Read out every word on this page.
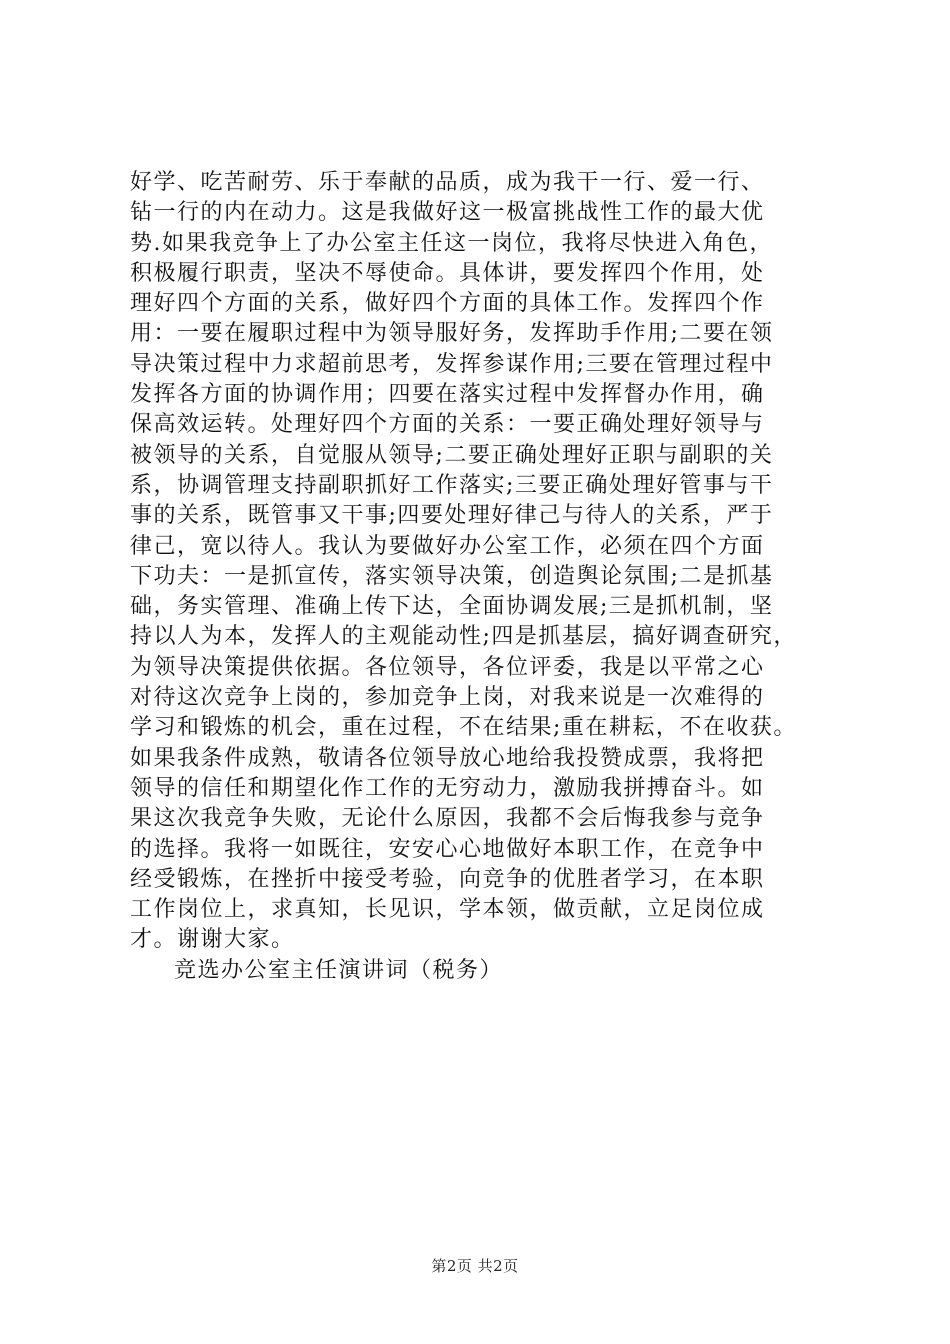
好学、吃苦耐劳、乐于奉献的品质，成为我干一行、爱一行、
钻一行的内在动力。这是我做好这一极富挑战性工作的最大优
势.如果我竞争上了办公室主任这一岗位，我将尽快进入角色，
积极履行职责，坚决不辱使命。具体讲，要发挥四个作用，处
理好四个方面的关系，做好四个方面的具体工作。发挥四个作
用：一要在履职过程中为领导服好务，发挥助手作用;二要在领
导决策过程中力求超前思考，发挥参谋作用;三要在管理过程中
发挥各方面的协调作用；四要在落实过程中发挥督办作用，确
保高效运转。处理好四个方面的关系：一要正确处理好领导与
被领导的关系，自觉服从领导;二要正确处理好正职与副职的关
系，协调管理支持副职抓好工作落实;三要正确处理好管事与干
事的关系，既管事又干事;四要处理好律己与待人的关系，严于
律己，宽以待人。我认为要做好办公室工作，必须在四个方面
下功夫：一是抓宣传，落实领导决策，创造舆论氛围;二是抓基
础，务实管理、准确上传下达，全面协调发展;三是抓机制，坚
持以人为本，发挥人的主观能动性;四是抓基层，搞好调查研究，
为领导决策提供依据。各位领导，各位评委，我是以平常之心
对待这次竞争上岗的，参加竞争上岗，对我来说是一次难得的
学习和锻炼的机会，重在过程，不在结果;重在耕耘，不在收获。
如果我条件成熟，敬请各位领导放心地给我投赞成票，我将把
领导的信任和期望化作工作的无穷动力，激励我拼搏奋斗。如
果这次我竞争失败，无论什么原因，我都不会后悔我参与竞争
的选择。我将一如既往，安安心心地做好本职工作，在竞争中
经受锻炼，在挫折中接受考验，向竞争的优胜者学习，在本职
工作岗位上，求真知，长见识，学本领，做贡献，立足岗位成
才。谢谢大家。
竞选办公室主任演讲词（税务）
第2页 共2页
